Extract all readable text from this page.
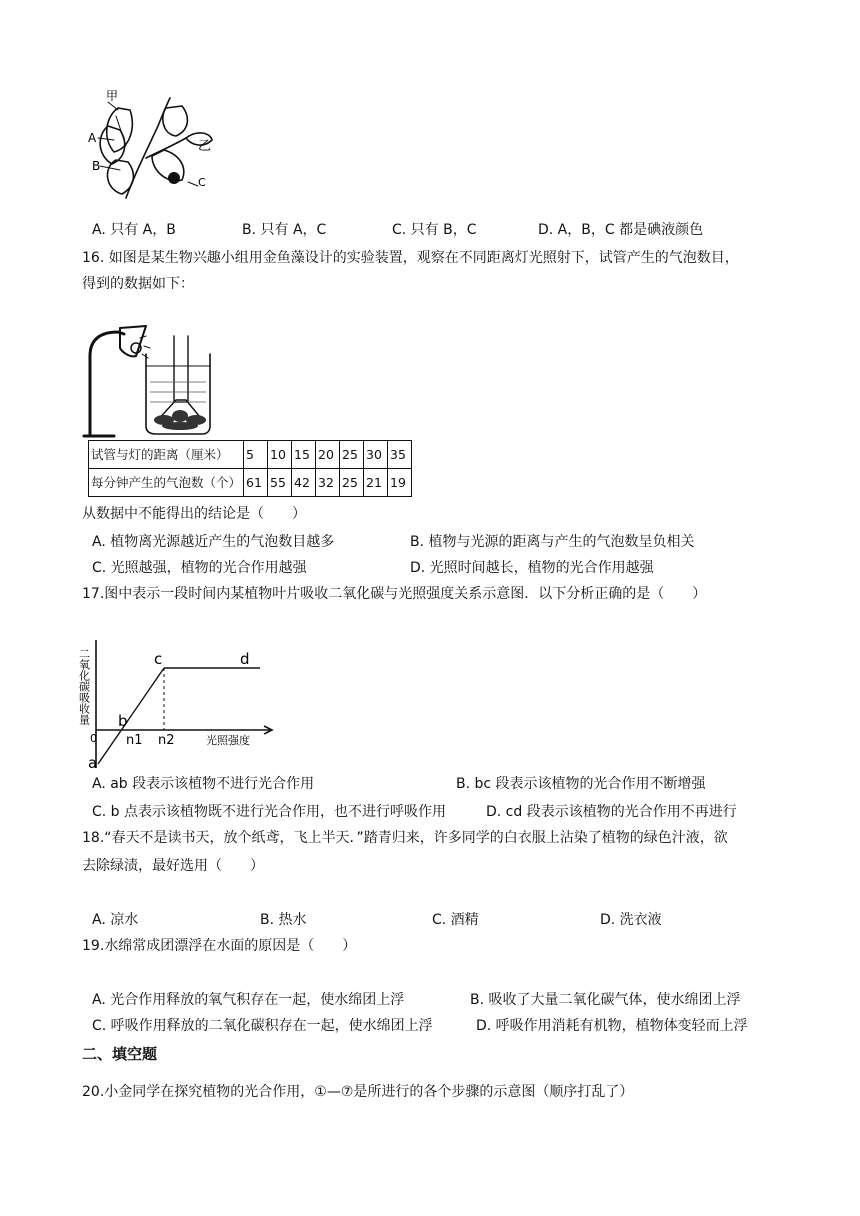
甲
A
乙
B
C
A. 只有 A，B	B. 只有 A，C	C. 只有 B，C	D. A，B，C 都是碘液颜色
16. 如图是某生物兴趣小组用金鱼藻设计的实验装置，观察在不同距离灯光照射下，试管产生的气泡数目，
得到的数据如下：
试管与灯的距离（厘米）	5	10	15	20	25	30	35
每分钟产生的气泡数（个）	61	55	42	32	25	21	19
从数据中不能得出的结论是（　　）
A. 植物离光源越近产生的气泡数目越多	B. 植物与光源的距离与产生的气泡数呈负相关
C. 光照越强，植物的光合作用越强	D. 光照时间越长，植物的光合作用越强
17.图中表示一段时间内某植物叶片吸收二氧化碳与光照强度关系示意图．以下分析正确的是（　　）
二氧化碳吸收量
0
a
b
c	d
n1 n2	光照强度
A. ab 段表示该植物不进行光合作用	B. bc 段表示该植物的光合作用不断增强
C. b 点表示该植物既不进行光合作用，也不进行呼吸作用	D. cd 段表示该植物的光合作用不再进行
18.“春天不是读书天，放个纸鸢，飞上半天．”踏青归来，许多同学的白衣服上沾染了植物的绿色汁液，欲
去除绿渍，最好选用（　　）
A. 凉水	B. 热水	C. 酒精	D. 洗衣液
19.水绵常成团漂浮在水面的原因是（　　）
A. 光合作用释放的氧气积存在一起，使水绵团上浮	B. 吸收了大量二氧化碳气体，使水绵团上浮
C. 呼吸作用释放的二氧化碳积存在一起，使水绵团上浮	D. 呼吸作用消耗有机物，植物体变轻而上浮
二、填空题
20.小金同学在探究植物的光合作用，①—⑦是所进行的各个步骤的示意图（顺序打乱了）
